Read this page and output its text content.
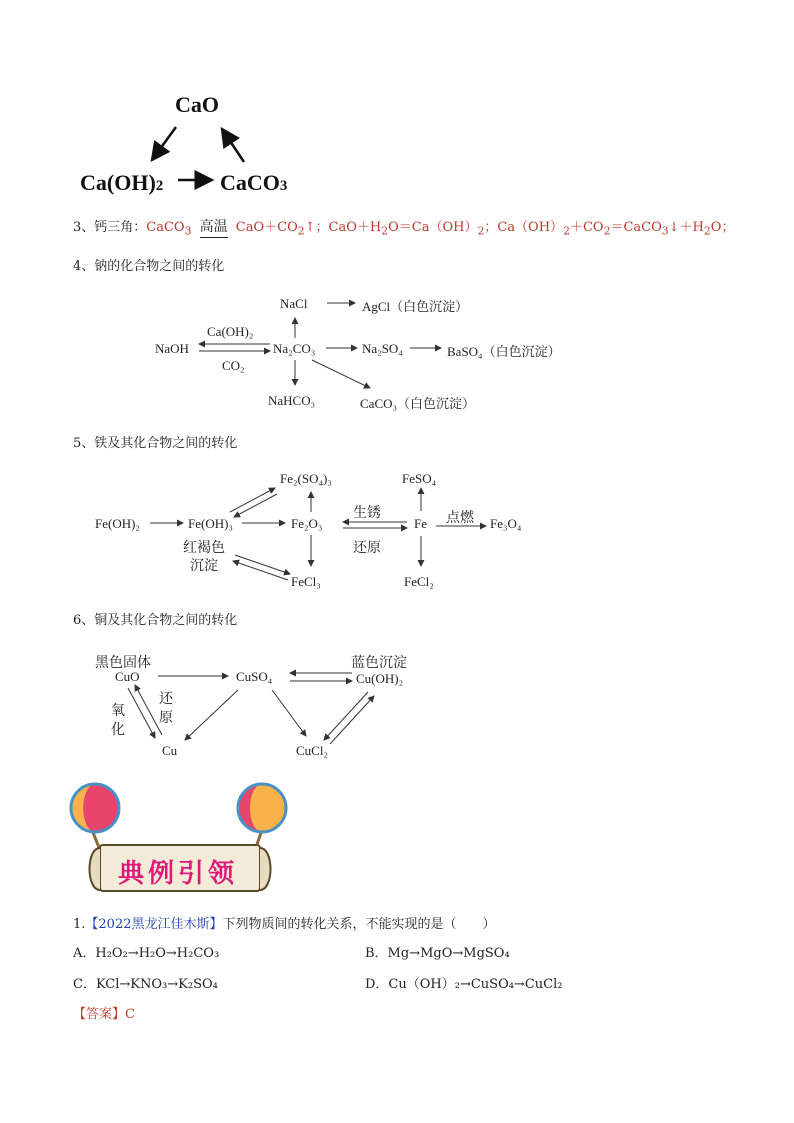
CaO
Ca(OH)2	CaCO3
3、钙三角：CaCO$_3$ 高温 $CaO+CO_2↑$；$CaO+H_2O=Ca(OH)_2$；$Ca(OH)_2+CO_2=CaCO_3↓+H_2O$；
4、钠的化合物之间的转化
NaCl	AgCl（白色沉淀）
Ca(OH)₂
NaOH	Na₂CO₃	Na₂SO₄	BaSO₄（白色沉淀）
CO₂
NaHCO₃	CaCO₃（白色沉淀）
5、铁及其化合物之间的转化
Fe₂(SO₄)₃	FeSO₄
生锈	点燃
Fe(OH)₂	Fe(OH)₃	Fe₂O₃	Fe	Fe₃O₄
红褐色	还原
沉淀
FeCl₃	FeCl₂
6、铜及其化合物之间的转化
黑色固体	蓝色沉淀
CuO	CuSO₄	Cu(OH)₂
还
氧 原
化
Cu	CuCl₂
典例引领
1.【2022黑龙江佳木斯】下列物质间的转化关系，不能实现的是（　　）
A．H₂O₂→H₂O→H₂CO₃	B．Mg→MgO→MgSO₄
C．KCl→KNO₃→K₂SO₄	D．Cu（OH）₂→CuSO₄→CuCl₂
【答案】C
